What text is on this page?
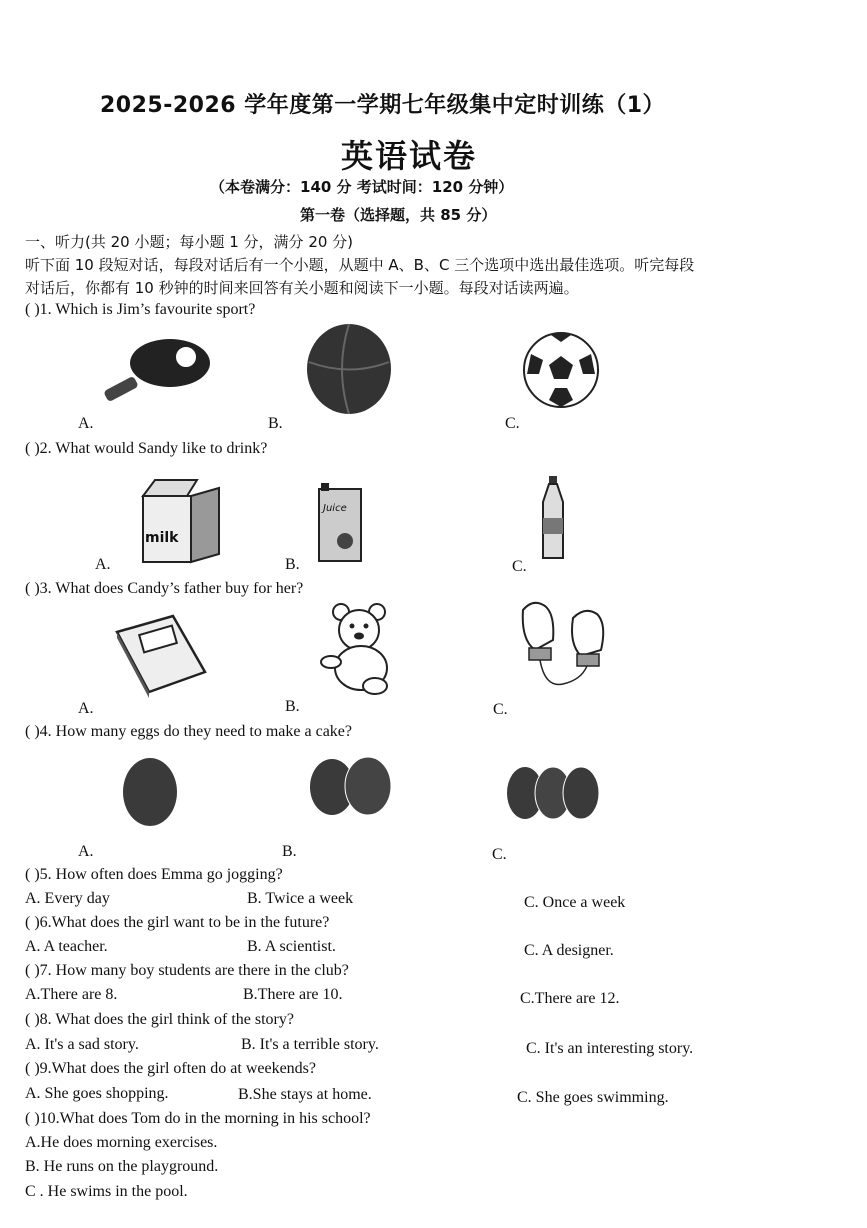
2025-2026 学年度第一学期七年级集中定时训练（1）
英语试卷
（本卷满分：140 分 考试时间：120 分钟）
第一卷（选择题，共 85 分）
一、听力(共 20 小题；每小题 1 分，满分 20 分)
听下面 10 段短对话，每段对话后有一个小题，从题中 A、B、C 三个选项中选出最佳选项。听完每段
对话后，你都有 10 秒钟的时间来回答有关小题和阅读下一小题。每段对话读两遍。
( )1. Which is Jim’s favourite sport?
A.	B.	C.
( )2. What would Sandy like to drink?
milk
Juice
A.	B.	C.
( )3. What does Candy’s father buy for her?
A.	B.	C.
( )4. How many eggs do they need to make a cake?
A.	B.	C.
( )5. How often does Emma go jogging?
A. Every day	B. Twice a week	C. Once a week
( )6.What does the girl want to be in the future?
A. A teacher.	B. A scientist.	C. A designer.
( )7. How many boy students are there in the club?
A.There are 8.	B.There are 10.	C.There are 12.
( )8. What does the girl think of the story?
A. It's a sad story.	B. It's a terrible story.	C. It's an interesting story.
( )9.What does the girl often do at weekends?
A. She goes shopping.	B.She stays at home.	C. She goes swimming.
( )10.What does Tom do in the morning in his school?
A.He does morning exercises.
B. He runs on the playground.
C . He swims in the pool.
